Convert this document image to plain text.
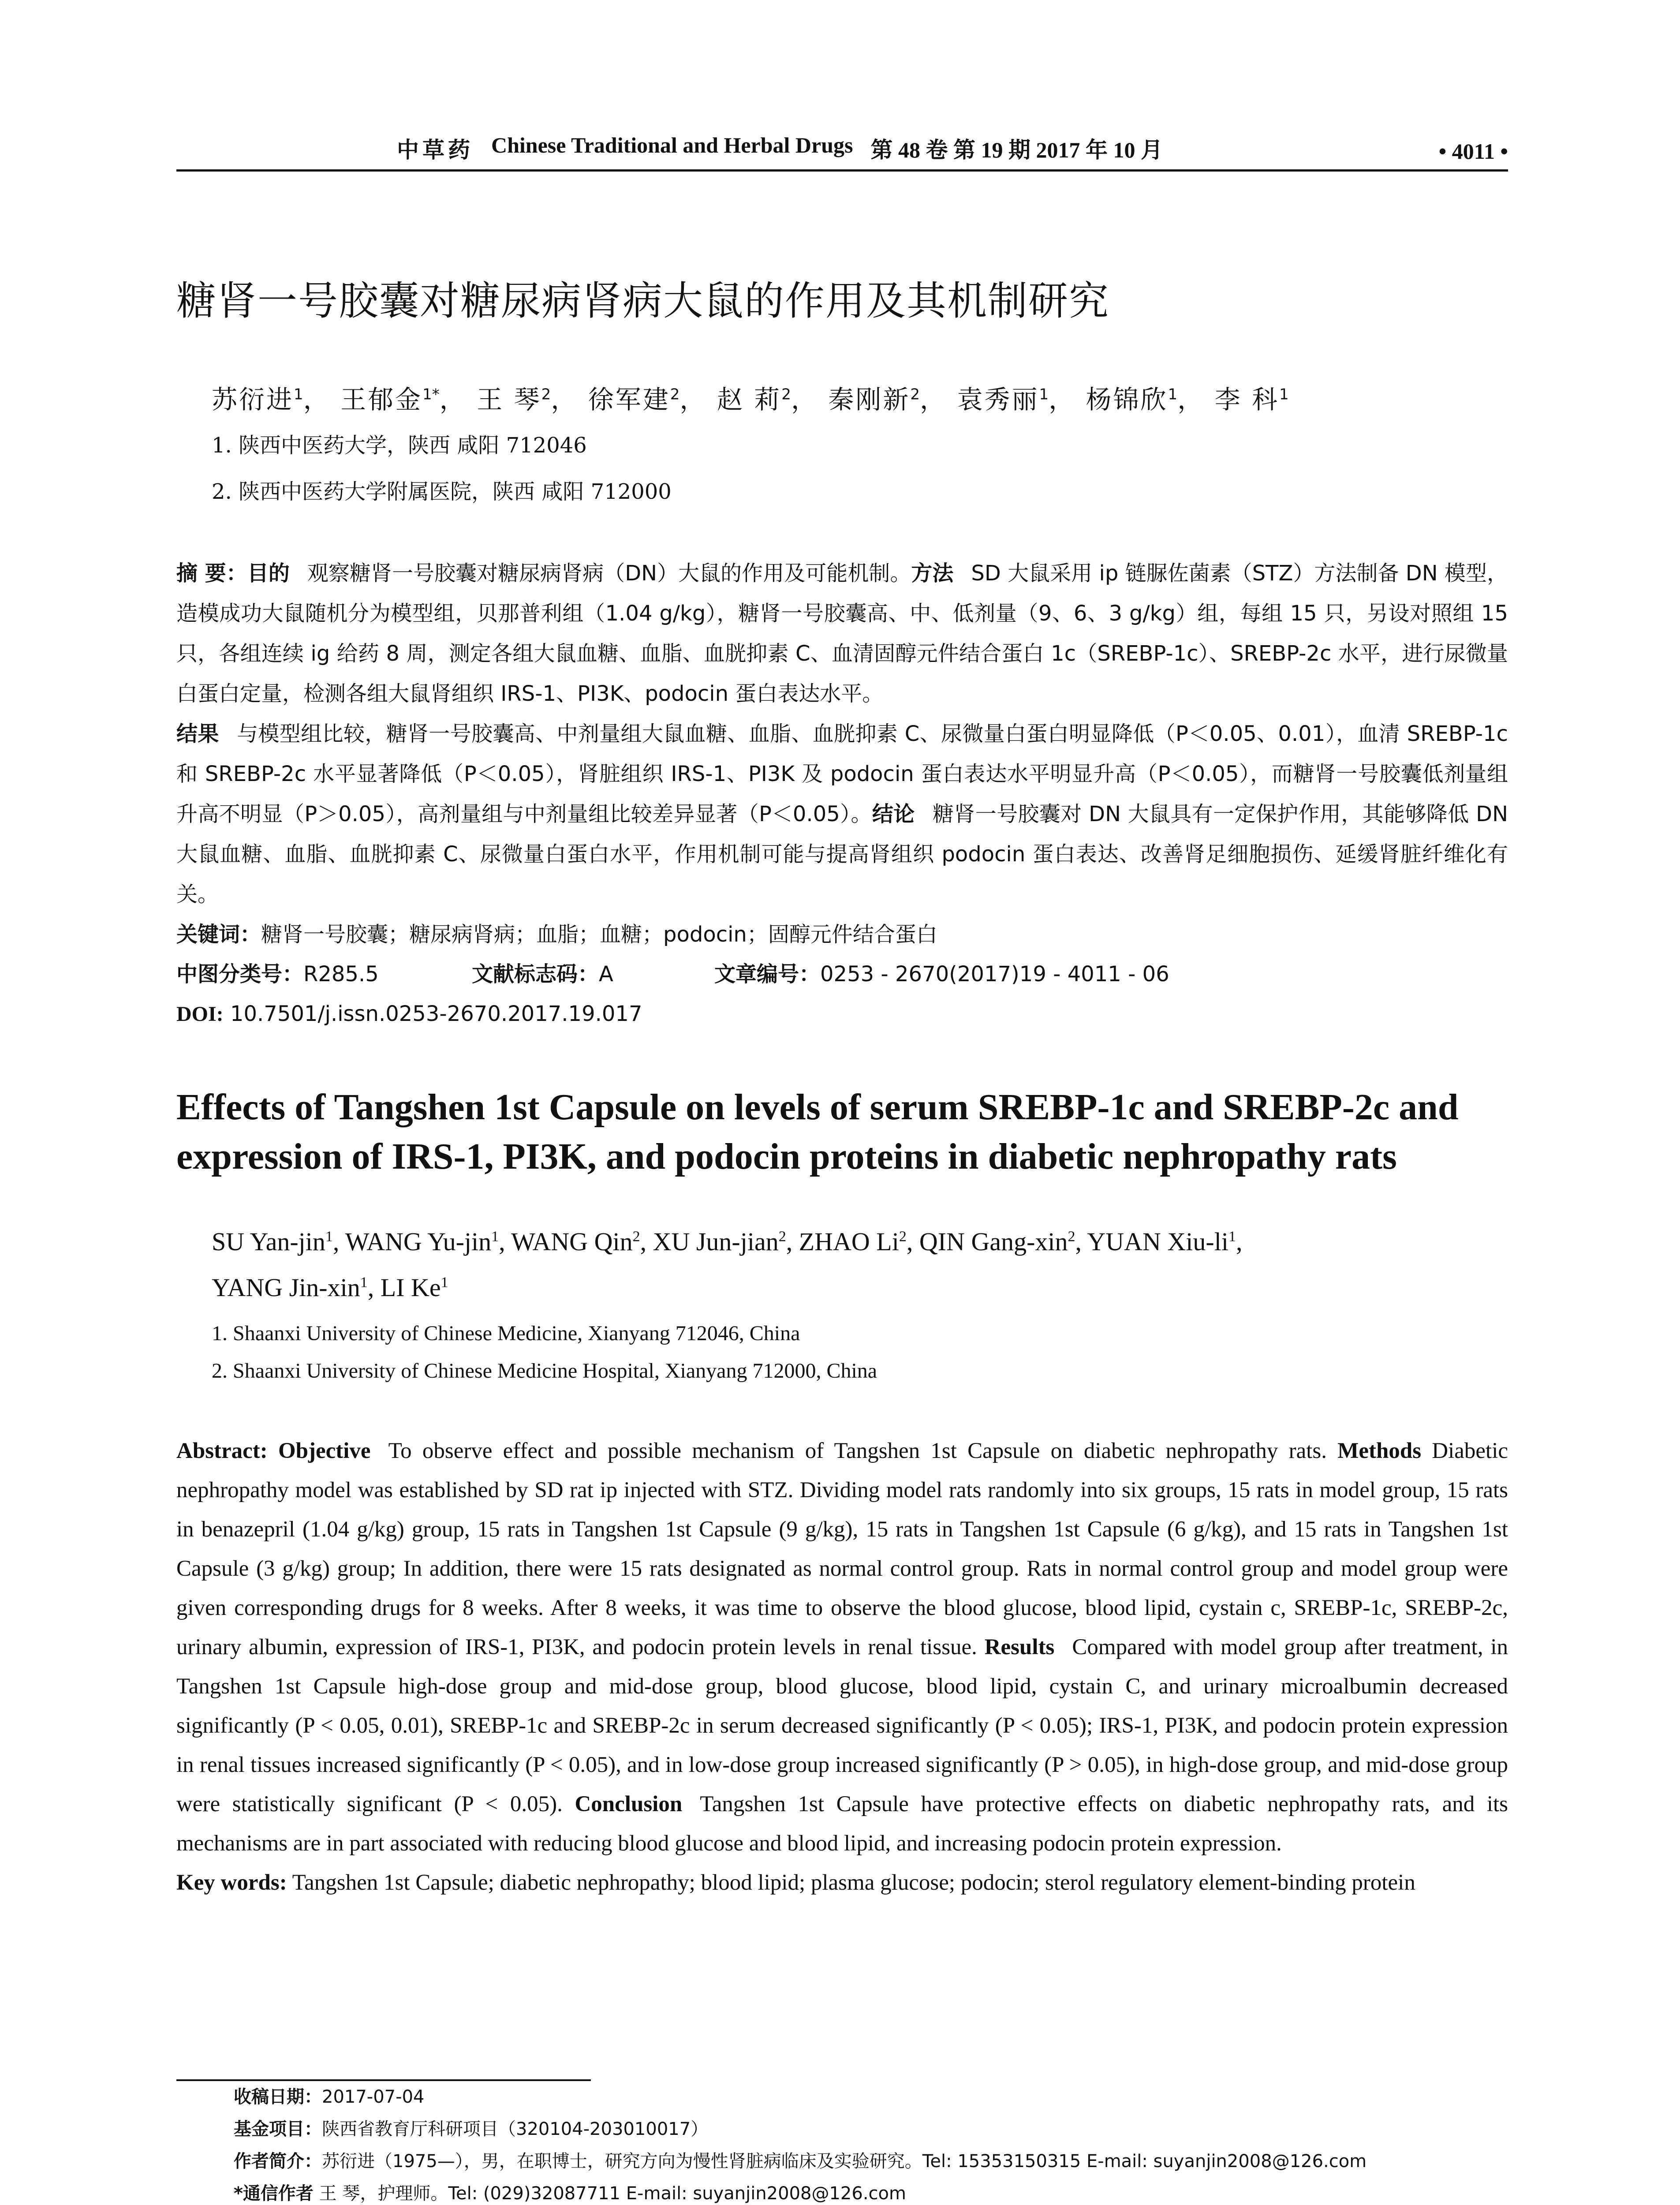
中草药 Chinese Traditional and Herbal Drugs 第 48 卷 第 19 期 2017 年 10 月	• 4011 •
糖肾一号胶囊对糖尿病肾病大鼠的作用及其机制研究
苏衍进$^1$， 王郁金$^{1*}$， 王 琴$^2$， 徐军建$^2$， 赵 莉$^2$， 秦刚新$^2$， 袁秀丽$^1$， 杨锦欣$^1$， 李 科$^1$
1. 陕西中医药大学，陕西 咸阳 712046
2. 陕西中医药大学附属医院，陕西 咸阳 712000
摘 要：目的 观察糖肾一号胶囊对糖尿病肾病（DN）大鼠的作用及可能机制。方法 SD 大鼠采用 ip 链脲佐菌素（STZ）方法制备 DN 模型，造模成功大鼠随机分为模型组，贝那普利组（1.04 g/kg），糖肾一号胶囊高、中、低剂量（9、6、3 g/kg）组，每组 15 只，另设对照组 15 只，各组连续 ig 给药 8 周，测定各组大鼠血糖、血脂、血胱抑素 C、血清固醇元件结合蛋白 1c（SREBP-1c）、SREBP-2c 水平，进行尿微量白蛋白定量，检测各组大鼠肾组织 IRS-1、PI3K、podocin 蛋白表达水平。
结果 与模型组比较，糖肾一号胶囊高、中剂量组大鼠血糖、血脂、血胱抑素 C、尿微量白蛋白明显降低（P＜0.05、0.01），血清 SREBP-1c 和 SREBP-2c 水平显著降低（P＜0.05），肾脏组织 IRS-1、PI3K 及 podocin 蛋白表达水平明显升高（P＜0.05），而糖肾一号胶囊低剂量组升高不明显（P＞0.05），高剂量组与中剂量组比较差异显著（P＜0.05）。结论 糖肾一号胶囊对 DN 大鼠具有一定保护作用，其能够降低 DN 大鼠血糖、血脂、血胱抑素 C、尿微量白蛋白水平，作用机制可能与提高肾组织 podocin 蛋白表达、改善肾足细胞损伤、延缓肾脏纤维化有关。
关键词：糖肾一号胶囊；糖尿病肾病；血脂；血糖；podocin；固醇元件结合蛋白
中图分类号：R285.5	文献标志码：A	文章编号：0253 - 2670(2017)19 - 4011 - 06
DOI: 10.7501/j.issn.0253-2670.2017.19.017
Effects of Tangshen 1st Capsule on levels of serum SREBP-1c and SREBP-2c and expression of IRS-1, PI3K, and podocin proteins in diabetic nephropathy rats
SU Yan-jin$^1$, WANG Yu-jin$^1$, WANG Qin$^2$, XU Jun-jian$^2$, ZHAO Li$^2$, QIN Gang-xin$^2$, YUAN Xiu-$li^1$,
YANG Jin-xin$^1$, LI Ke$^1$
1. Shaanxi University of Chinese Medicine, Xianyang 712046, China
2. Shaanxi University of Chinese Medicine Hospital, Xianyang 712000, China
Abstract: Objective To observe effect and possible mechanism of Tangshen 1st Capsule on diabetic nephropathy rats. Methods Diabetic nephropathy model was established by SD rat ip injected with STZ. Dividing model rats randomly into six groups, 15 rats in model group, 15 rats in benazepril (1.04 g/kg) group, 15 rats in Tangshen 1st Capsule (9 g/kg), 15 rats in Tangshen 1st Capsule (6 g/kg), and 15 rats in Tangshen 1st Capsule (3 g/kg) group; In addition, there were 15 rats designated as normal control group. Rats in normal control group and model group were given corresponding drugs for 8 weeks. After 8 weeks, it was time to observe the blood glucose, blood lipid, cystain c, SREBP-1c, SREBP-2c, urinary albumin, expression of IRS-1, PI3K, and podocin protein levels in renal tissue. Results Compared with model group after treatment, in Tangshen 1st Capsule high-dose group and mid-dose group, blood glucose, blood lipid, cystain C, and urinary microalbumin decreased significantly (P < 0.05, 0.01), SREBP-1c and SREBP-2c in serum decreased significantly (P < 0.05); IRS-1, PI3K, and podocin protein expression in renal tissues increased significantly (P < 0.05), and in low-dose group increased significantly (P > 0.05), in high-dose group, and mid-dose group were statistically significant (P < 0.05). Conclusion Tangshen 1st Capsule have protective effects on diabetic nephropathy rats, and its mechanisms are in part associated with reducing blood glucose and blood lipid, and increasing podocin protein expression.
Key words: Tangshen 1st Capsule; diabetic nephropathy; blood lipid; plasma glucose; podocin; sterol regulatory element-binding protein
收稿日期：2017-07-04
基金项目：陕西省教育厅科研项目（320104-203010017）
作者简介：苏衍进（1975—），男，在职博士，研究方向为慢性肾脏病临床及实验研究。Tel: 15353150315 E-mail: suyanjin2008@126.com
*通信作者 王 琴，护理师。Tel: (029)32087711 E-mail: suyanjin2008@126.com
